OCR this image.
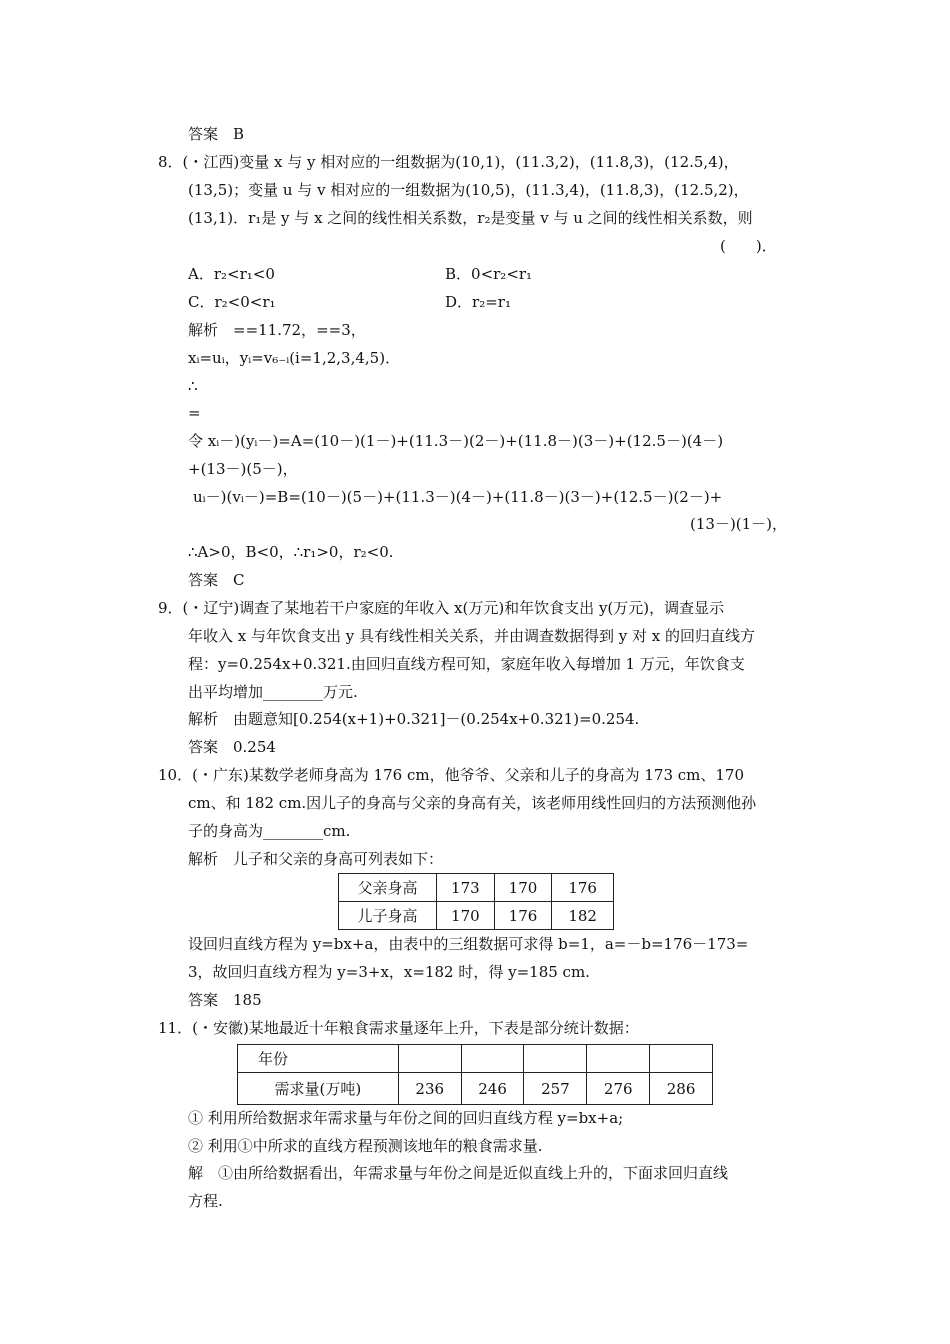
答案　B
8．(・江西)变量 x 与 y 相对应的一组数据为(10,1)，(11.3,2)，(11.8,3)，(12.5,4)，
(13,5)；变量 u 与 v 相对应的一组数据为(10,5)，(11.3,4)，(11.8,3)，(12.5,2)，
(13,1)．r₁是 y 与 x 之间的线性相关系数，r₂是变量 v 与 u 之间的线性相关系数，则
(　　)．
A．r₂<r₁<0	B．0<r₂<r₁
C．r₂<0<r₁	D．r₂=r₁
解析　==11.72，==3，
xᵢ=uᵢ，yᵢ=v₆₋ᵢ(i=1,2,3,4,5)．
∴
=
令 xᵢ－)(yᵢ－)=A=(10－)(1－)+(11.3－)(2－)+(11.8－)(3－)+(12.5－)(4－)
+(13－)(5－)，
uᵢ－)(vᵢ－)=B=(10－)(5－)+(11.3－)(4－)+(11.8－)(3－)+(12.5－)(2－)+
(13－)(1－)，
∴A>0，B<0，∴r₁>0，r₂<0.
答案　C
9．(・辽宁)调查了某地若干户家庭的年收入 x(万元)和年饮食支出 y(万元)，调查显示
年收入 x 与年饮食支出 y 具有线性相关关系，并由调查数据得到 y 对 x 的回归直线方
程：y=0.254x+0.321.由回归直线方程可知，家庭年收入每增加 1 万元，年饮食支
出平均增加________万元.
解析　由题意知[0.254(x+1)+0.321]－(0.254x+0.321)=0.254.
答案　0.254
10．(・广东)某数学老师身高为 176 cm，他爷爷、父亲和儿子的身高为 173 cm、170
cm、和 182 cm.因儿子的身高与父亲的身高有关，该老师用线性回归的方法预测他孙
子的身高为________cm.
解析　儿子和父亲的身高可列表如下：
父亲身高	173	170	176
儿子身高	170	176	182
设回归直线方程为 y=bx+a，由表中的三组数据可求得 b=1，a=－b=176－173=
3，故回归直线方程为 y=3+x，x=182 时，得 y=185 cm.
答案　185
11．(・安徽)某地最近十年粮食需求量逐年上升，下表是部分统计数据：
年份					
需求量(万吨)	236	246	257	276	286
① 利用所给数据求年需求量与年份之间的回归直线方程 y=bx+a;
② 利用①中所求的直线方程预测该地年的粮食需求量.
解　①由所给数据看出，年需求量与年份之间是近似直线上升的，下面求回归直线
方程.
